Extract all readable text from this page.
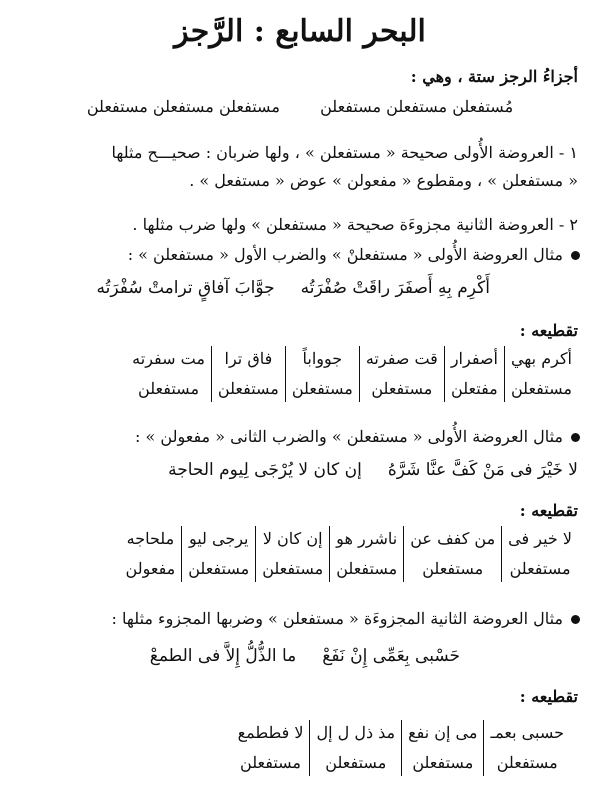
البحر السابع : الرَّجز
أجزاءُ الرجز ستة ، وهي :
مُستفعلن مستفعلن مستفعلن  مستفعلن مستفعلن مستفعلن
١ - العروضة الأُولى صحيحة « مستفعلن » ، ولها ضربان : صحيـــح مثلها
« مستفعلن » ، ومقطوع « مفعولن » عوض « مستفعل » .
٢ - العروضة الثانية مجزوءَة صحيحة « مستفعلن » ولها ضرب مثلها .
مثال العروضة الأُولى « مستفعلنْ » والضرب الأول « مستفعلن » :
أَكْرِم بِهِ أَصفَرَ راقَتْ صُفْرَتُهجوَّابَ آفاقٍ ترامتْ سُفْرَتُه
تقطيعه :
أكرم بهي	أصفرار	قت صفرته	جوواباً	فاق ترا	مت سفرته
مستفعلن	مفتعلن	مستفعلن	مستفعلن	مستفعلن	مستفعلن
مثال العروضة الأُولى « مستفعلن » والضرب الثانى « مفعولن » :
لا خَيْرَ فى مَنْ كَفَّ عنَّا شَرَّهُإن كان لا يُرْجَى لِيوم الحاجة
تقطيعه :
لا خير فى	من كفف عن	ناشرر هو	إن كان لا	يرجى ليو	ملحاجه
مستفعلن	مستفعلن	مستفعلن	مستفعلن	مستفعلن	مفعولن
مثال العروضة الثانية المجزوءَة « مستفعلن » وضربها المجزوء مثلها :
حَسْبى بِعَمِّى إِنْ نَفَعْما الذُّلُّ إِلاَّ فى الطمعْ
تقطيعه :
حسبى بعمـ	مى إن نفع	مذ ذل ل إل	لا فططمع
مستفعلن	مستفعلن	مستفعلن	مستفعلن
